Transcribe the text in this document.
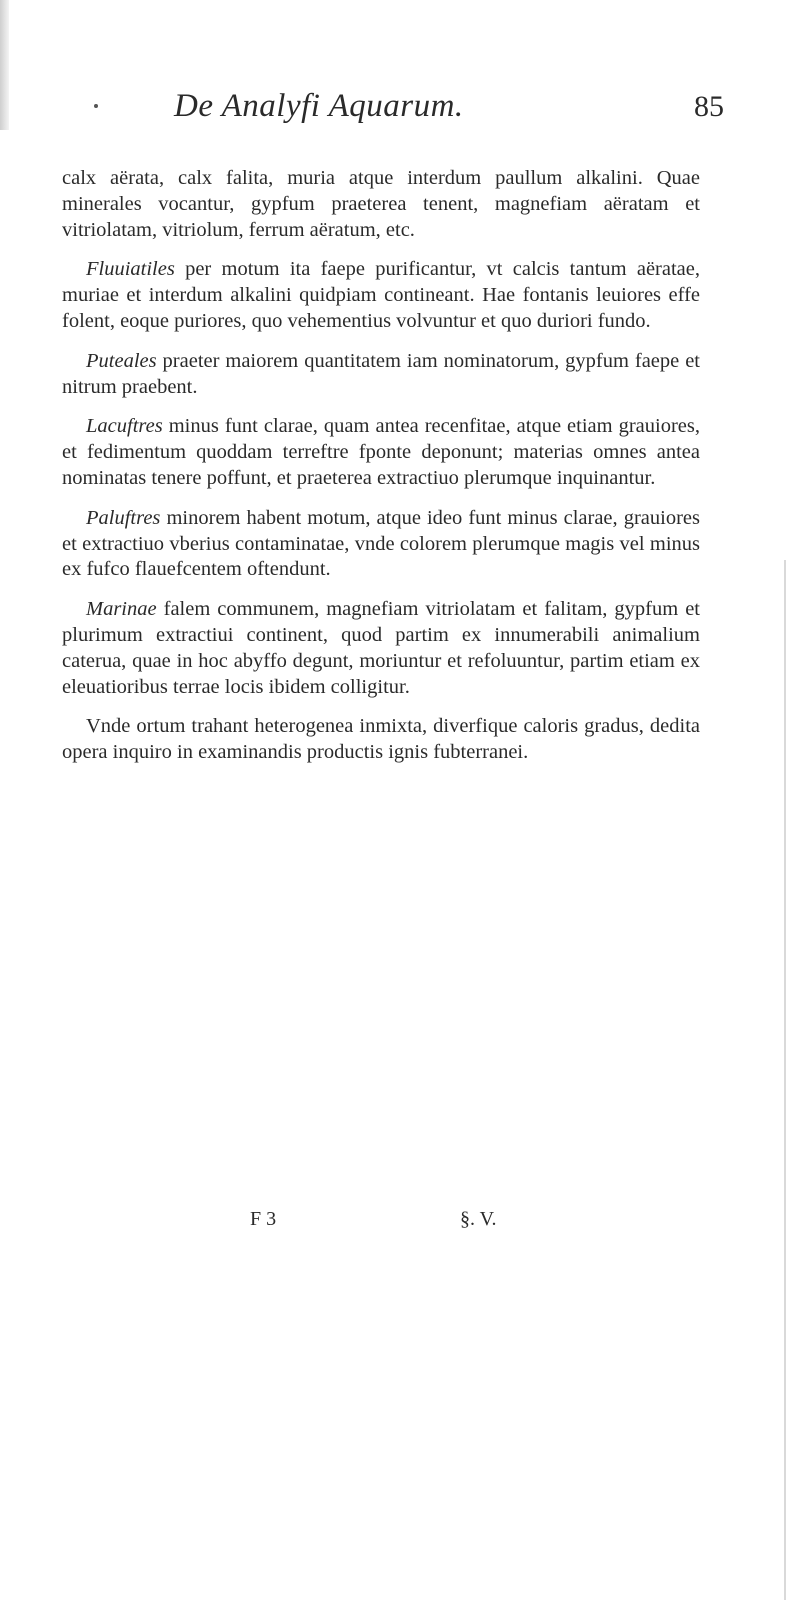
De Analyfi Aquarum.	85

calx aërata, calx falita, muria atque interdum paullum alkalini. Quae minerales vocantur, gypfum praeterea tenent, magnefiam aëratam et vitriolatam, vitriolum, ferrum aëratum, etc.

Fluuiatiles per motum ita faepe purificantur, vt calcis tantum aëratae, muriae et interdum alkalini quidpiam contineant. Hae fontanis leuiores effe folent, eoque puriores, quo vehementius volvuntur et quo duriori fundo.

Puteales praeter maiorem quantitatem iam nominatorum, gypfum faepe et nitrum praebent.

Lacuftres minus funt clarae, quam antea recenfitae, atque etiam grauiores, et fedimentum quoddam terreftre fponte deponunt; materias omnes antea nominatas tenere poffunt, et praeterea extractiuo plerumque inquinantur.

Paluftres minorem habent motum, atque ideo funt minus clarae, grauiores et extractiuo vberius contaminatae, vnde colorem plerumque magis vel minus ex fufco flauefcentem oftendunt.

Marinae falem communem, magnefiam vitriolatam et falitam, gypfum et plurimum extractiui continent, quod partim ex innumerabili animalium caterua, quae in hoc abyffo degunt, moriuntur et refoluuntur, partim etiam ex eleuatioribus terrae locis ibidem colligitur.

Vnde ortum trahant heterogenea inmixta, diverfique caloris gradus, dedita opera inquiro in examinandis productis ignis fubterranei.

F 3	§. V.
